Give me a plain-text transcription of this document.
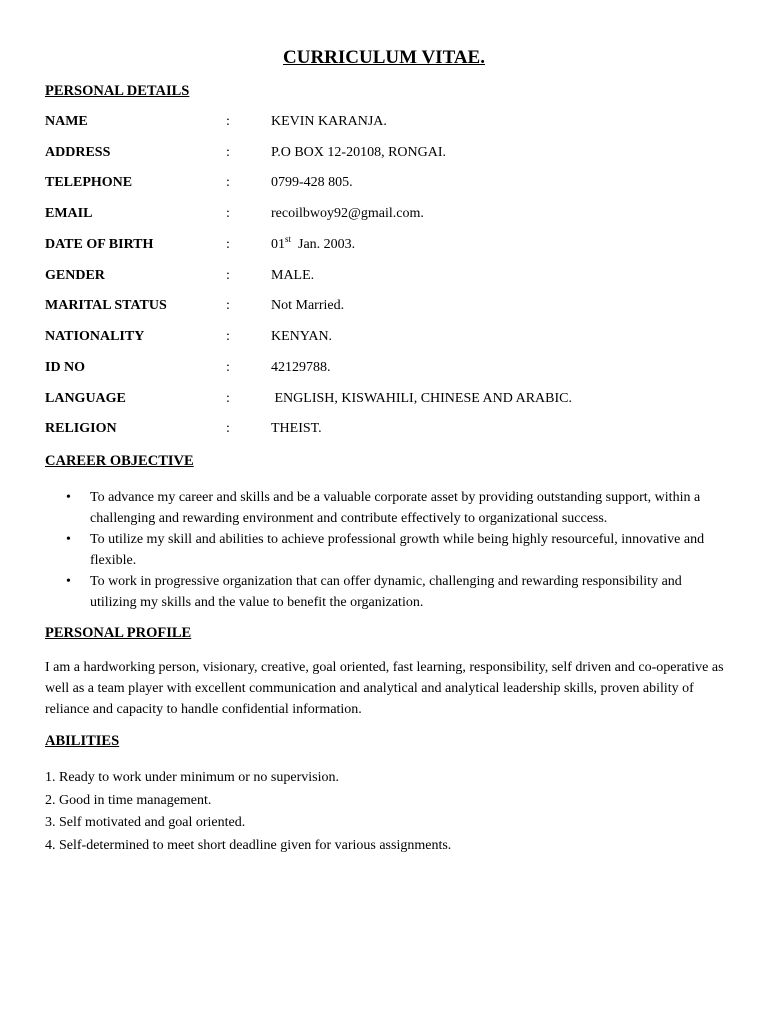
CURRICULUM VITAE.
PERSONAL DETAILS
NAME	:	KEVIN KARANJA.
ADDRESS	:	P.O BOX 12-20108, RONGAI.
TELEPHONE	:	0799-428 805.
EMAIL	:	recoilbwoy92@gmail.com.
DATE OF BIRTH	:	01st  Jan. 2003.
GENDER	:	MALE.
MARITAL STATUS	:	Not Married.
NATIONALITY	:	KENYAN.
ID NO	:	42129788.
LANGUAGE	:	ENGLISH, KISWAHILI, CHINESE AND ARABIC.
RELIGION	:	THEIST.
CAREER OBJECTIVE
• To advance my career and skills and be a valuable corporate asset by providing outstanding support, within a challenging and rewarding environment and contribute effectively to organizational success.
• To utilize my skill and abilities to achieve professional growth while being highly resourceful, innovative and flexible.
• To work in progressive organization that can offer dynamic, challenging and rewarding responsibility and utilizing my skills and the value to benefit the organization.
PERSONAL PROFILE

I am a hardworking person, visionary, creative, goal oriented, fast learning, responsibility, self driven and co-operative as well as a team player with excellent communication and analytical and analytical leadership skills, proven ability of reliance and capacity to handle confidential information.

ABILITIES
1. Ready to work under minimum or no supervision.
2. Good in time management.
3. Self motivated and goal oriented.
4. Self-determined to meet short deadline given for various assignments.
